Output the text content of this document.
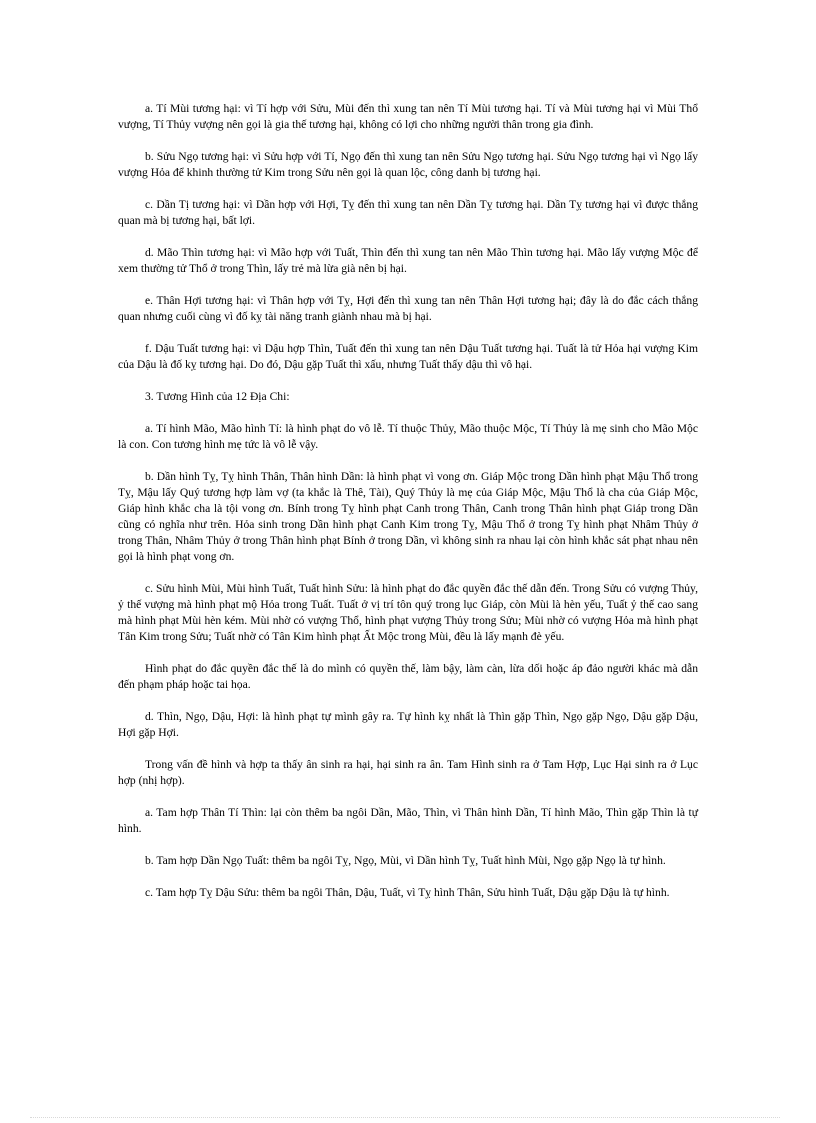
a. Tí Mùi tương hại: vì Tí hợp với Sửu, Mùi đến thì xung tan nên Tí Mùi tương hại. Tí và Mùi tương hại vì Mùi Thổ vượng, Tí Thủy vượng nên gọi là gia thế tương hại, không có lợi cho những người thân trong gia đình.

b. Sửu Ngọ tương hại: vì Sửu hợp với Tí, Ngọ đến thì xung tan nên Sửu Ngọ tương hại. Sửu Ngọ tương hại vì Ngọ lấy vượng Hỏa để khinh thường tử Kim trong Sửu nên gọi là quan lộc, công danh bị tương hại.

c. Dần Tị tương hại: vì Dần hợp với Hợi, Tỵ đến thì xung tan nên Dần Tỵ tương hại. Dần Tỵ tương hại vì được thắng quan mà bị tương hại, bất lợi.

d. Mão Thìn tương hại: vì Mão hợp với Tuất, Thìn đến thì xung tan nên Mão Thìn tương hại. Mão lấy vượng Mộc để xem thường tử Thổ ở trong Thìn, lấy trẻ mà lừa già nên bị hại.

e. Thân Hợi tương hại: vì Thân hợp với Tỵ, Hợi đến thì xung tan nên Thân Hợi tương hại; đây là do đắc cách thắng quan nhưng cuối cùng vì đố kỵ tài năng tranh giành nhau mà bị hại.

f. Dậu Tuất tương hại: vì Dậu hợp Thìn, Tuất đến thì xung tan nên Dậu Tuất tương hại. Tuất là tử Hỏa hại vượng Kim của Dậu là đố kỵ tương hại. Do đó, Dậu gặp Tuất thì xấu, nhưng Tuất thấy dậu thì vô hại.

3. Tương Hình của 12 Địa Chi:

a. Tí hình Mão, Mão hình Tí: là hình phạt do vô lễ. Tí thuộc Thủy, Mão thuộc Mộc, Tí Thủy là mẹ sinh cho Mão Mộc là con. Con tương hình mẹ tức là vô lễ vậy.

b. Dần hình Tỵ, Tỵ hình Thân, Thân hình Dần: là hình phạt vì vong ơn. Giáp Mộc trong Dần hình phạt Mậu Thổ trong Tỵ, Mậu lấy Quý tương hợp làm vợ (ta khắc là Thê, Tài), Quý Thủy là mẹ của Giáp Mộc, Mậu Thổ là cha của Giáp Mộc, Giáp hình khắc cha là tội vong ơn. Bính trong Tỵ hình phạt Canh trong Thân, Canh trong Thân hình phạt Giáp trong Dần cũng có nghĩa như trên. Hỏa sinh trong Dần hình phạt Canh Kim trong Tỵ, Mậu Thổ ở trong Tỵ hình phạt Nhâm Thủy ở trong Thân, Nhâm Thủy ở trong Thân hình phạt Bính ở trong Dần, vì không sinh ra nhau lại còn hình khắc sát phạt nhau nên gọi là hình phạt vong ơn.

c. Sửu hình Mùi, Mùi hình Tuất, Tuất hình Sửu: là hình phạt do đắc quyền đắc thế dẫn đến. Trong Sửu có vượng Thủy, ỷ thế vượng mà hình phạt mộ Hỏa trong Tuất. Tuất ở vị trí tôn quý trong lục Giáp, còn Mùi là hèn yếu, Tuất ỷ thế cao sang mà hình phạt Mùi hèn kém. Mùi nhờ có vượng Thổ, hình phạt vượng Thủy trong Sửu; Mùi nhờ có vượng Hỏa mà hình phạt Tân Kim trong Sửu; Tuất nhờ có Tân Kim hình phạt Ất Mộc trong Mùi, đều là lấy mạnh đè yếu.

Hình phạt do đắc quyền đắc thế là do mình có quyền thế, làm bậy, làm càn, lừa dối hoặc áp đảo người khác mà dẫn đến phạm pháp hoặc tai họa.

d. Thìn, Ngọ, Dậu, Hợi: là hình phạt tự mình gây ra. Tự hình kỵ nhất là Thìn gặp Thìn, Ngọ gặp Ngọ, Dậu gặp Dậu, Hợi gặp Hợi.

Trong vấn đề hình và hợp ta thấy ân sinh ra hại, hại sinh ra ân. Tam Hình sinh ra ở Tam Hợp, Lục Hại sinh ra ở Lục hợp (nhị hợp).

a. Tam hợp Thân Tí Thìn: lại còn thêm ba ngôi Dần, Mão, Thìn, vì Thân hình Dần, Tí hình Mão, Thìn gặp Thìn là tự hình.

b. Tam hợp Dần Ngọ Tuất: thêm ba ngôi Tỵ, Ngọ, Mùi, vì Dần hình Tỵ, Tuất hình Mùi, Ngọ gặp Ngọ là tự hình.

c. Tam hợp Tỵ Dậu Sửu: thêm ba ngôi Thân, Dậu, Tuất, vì Tỵ hình Thân, Sửu hình Tuất, Dậu gặp Dậu là tự hình.
